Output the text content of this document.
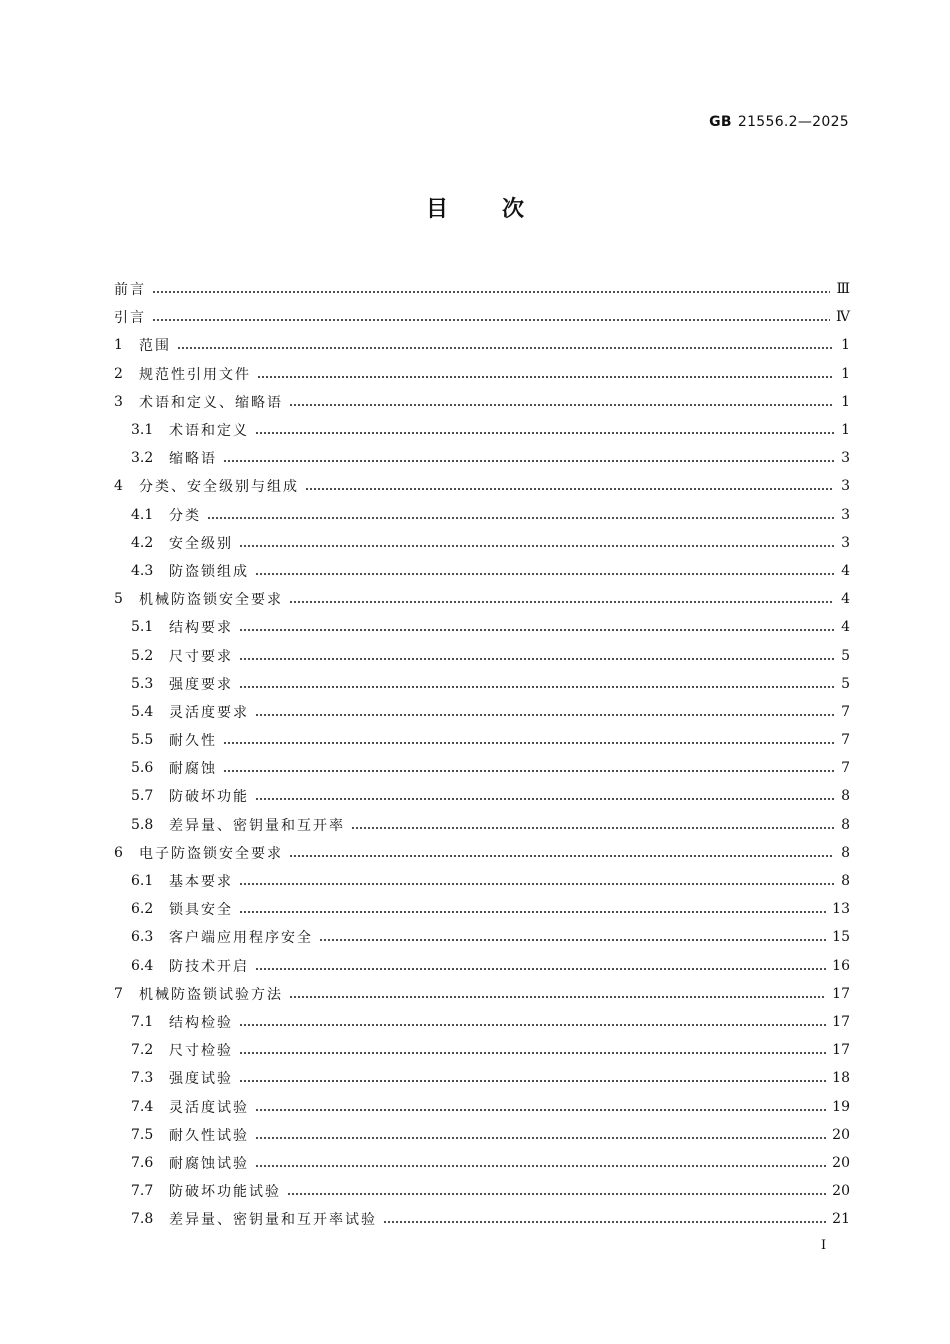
GB 21556.2—2025
目次
前言	Ⅲ
引言	Ⅳ
1	范围	1
2	规范性引用文件	1
3	术语和定义、缩略语	1
3.1	术语和定义	1
3.2	缩略语	3
4	分类、安全级别与组成	3
4.1	分类	3
4.2	安全级别	3
4.3	防盗锁组成	4
5	机械防盗锁安全要求	4
5.1	结构要求	4
5.2	尺寸要求	5
5.3	强度要求	5
5.4	灵活度要求	7
5.5	耐久性	7
5.6	耐腐蚀	7
5.7	防破坏功能	8
5.8	差异量、密钥量和互开率	8
6	电子防盗锁安全要求	8
6.1	基本要求	8
6.2	锁具安全	13
6.3	客户端应用程序安全	15
6.4	防技术开启	16
7	机械防盗锁试验方法	17
7.1	结构检验	17
7.2	尺寸检验	17
7.3	强度试验	18
7.4	灵活度试验	19
7.5	耐久性试验	20
7.6	耐腐蚀试验	20
7.7	防破坏功能试验	20
7.8	差异量、密钥量和互开率试验	21
Ⅰ
